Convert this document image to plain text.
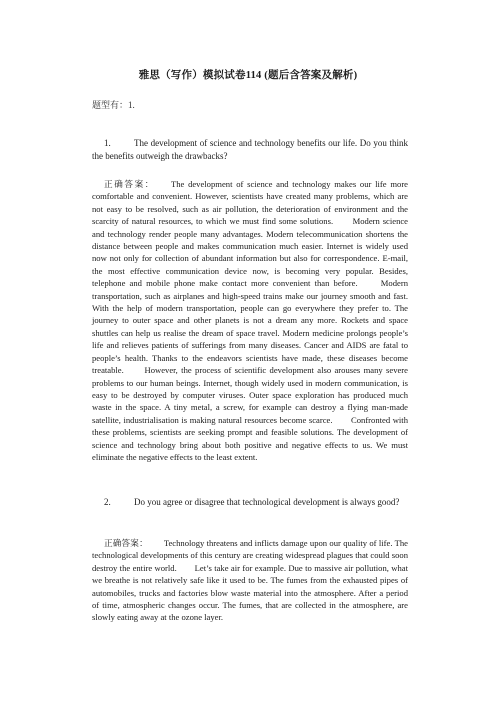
雅思（写作）模拟试卷114 (题后含答案及解析)
题型有：1.
1.	The development of science and technology benefits our life. Do you think the benefits outweigh the drawbacks?
正确答案： The development of science and technology makes our life more comfortable and convenient. However, scientists have created many problems, which are not easy to be resolved, such as air pollution, the deterioration of environment and the scarcity of natural resources, to which we must find some solutions.　　Modern science and technology render people many advantages. Modern telecommunication shortens the distance between people and makes communication much easier. Internet is widely used now not only for collection of abundant information but also for correspondence. E-mail, the most effective communication device now, is becoming very popular. Besides, telephone and mobile phone make contact more convenient than before.　　Modern transportation, such as airplanes and high-speed trains make our journey smooth and fast. With the help of modern transportation, people can go everywhere they prefer to. The journey to outer space and other planets is not a dream any more. Rockets and space shuttles can help us realise the dream of space travel. Modern medicine prolongs people’s life and relieves patients of sufferings from many diseases. Cancer and AIDS are fatal to people’s health. Thanks to the endeavors scientists have made, these diseases become treatable.　　However, the process of scientific development also arouses many severe problems to our human beings. Internet, though widely used in modern communication, is easy to be destroyed by computer viruses. Outer space exploration has produced much waste in the space. A tiny metal, a screw, for example can destroy a flying man-made satellite, industrialisation is making natural resources become scarce.　　Confronted with these problems, scientists are seeking prompt and feasible solutions. The development of science and technology bring about both positive and negative effects to us. We must eliminate the negative effects to the least extent.
2.	Do you agree or disagree that technological development is always good?
正确答案： Technology threatens and inflicts damage upon our quality of life. The technological developments of this century are creating widespread plagues that could soon destroy the entire world.　　Let’s take air for example. Due to massive air pollution, what we breathe is not relatively safe like it used to be. The fumes from the exhausted pipes of automobiles, trucks and factories blow waste material into the atmosphere. After a period of time, atmospheric changes occur. The fumes, that are collected in the atmosphere, are slowly eating away at the ozone layer.
